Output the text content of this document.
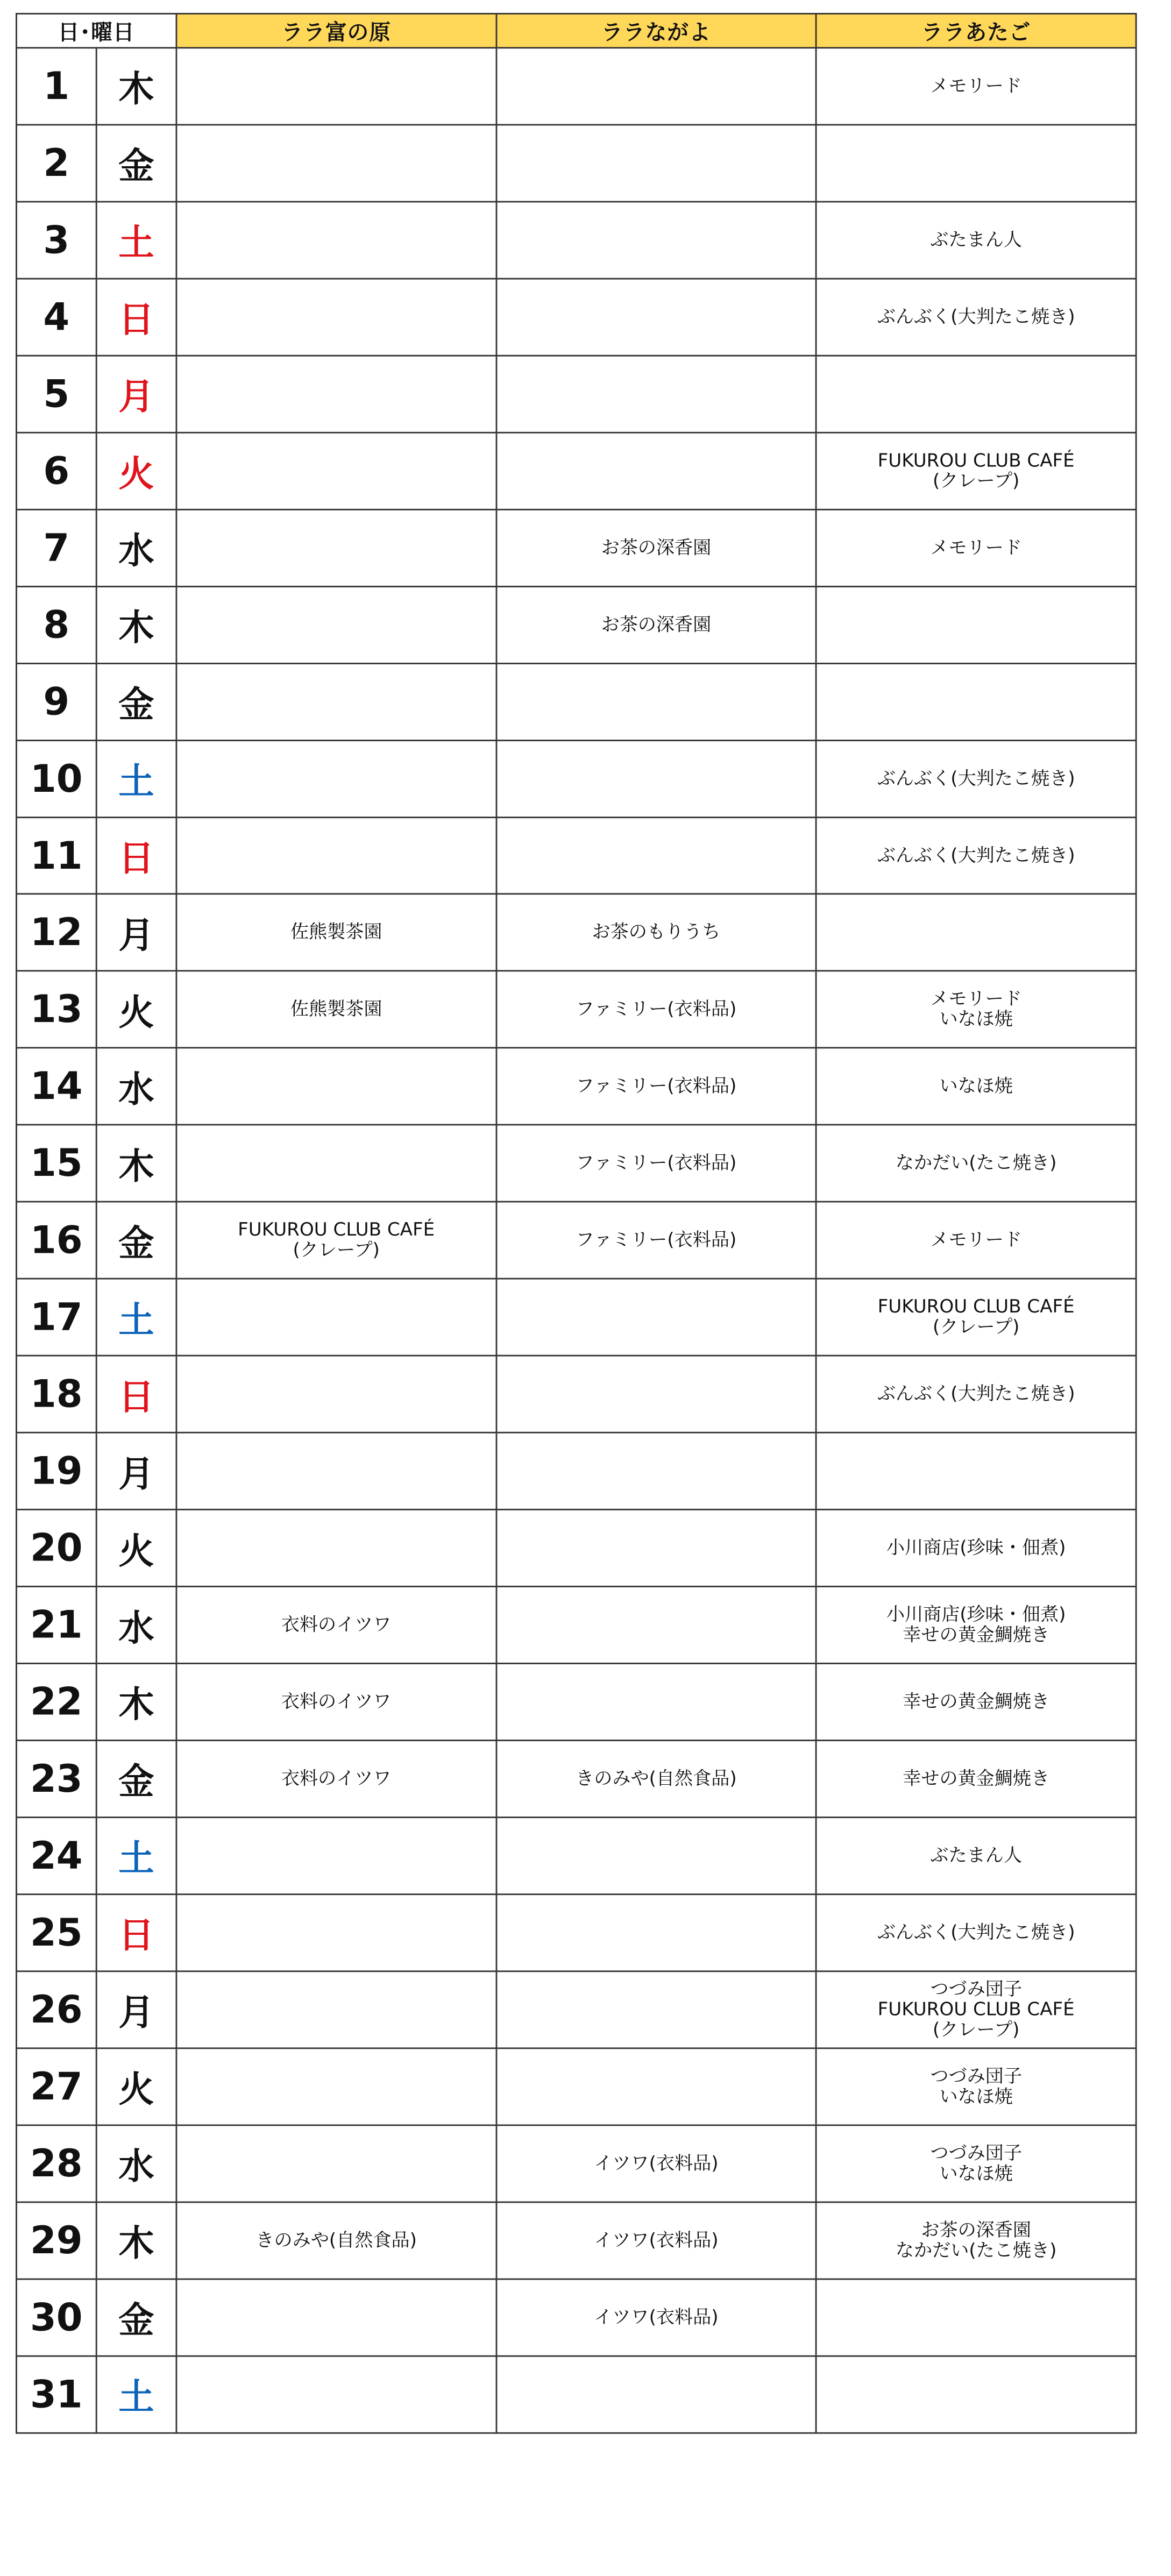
日･曜日		ララ富の原	ララながよ	ララあたご
1	木			メモリード
2	金			
3	土			ぶたまん人
4	日			ぶんぶく(大判たこ焼き)
5	月			
6	火			FUKUROU CLUB CAFÉ
(クレープ)
7	水		お茶の深香園	メモリード
8	木		お茶の深香園	
9	金			
10	土			ぶんぶく(大判たこ焼き)
11	日			ぶんぶく(大判たこ焼き)
12	月	佐熊製茶園	お茶のもりうち	
13	火	佐熊製茶園	ファミリー(衣料品)	メモリード
いなほ焼
14	水		ファミリー(衣料品)	いなほ焼
15	木		ファミリー(衣料品)	なかだい(たこ焼き)
16	金	FUKUROU CLUB CAFÉ
(クレープ)	ファミリー(衣料品)	メモリード
17	土			FUKUROU CLUB CAFÉ
(クレープ)
18	日			ぶんぶく(大判たこ焼き)
19	月			
20	火			小川商店(珍味・佃煮)
21	水	衣料のイツワ		小川商店(珍味・佃煮)
幸せの黄金鯛焼き
22	木	衣料のイツワ		幸せの黄金鯛焼き
23	金	衣料のイツワ	きのみや(自然食品)	幸せの黄金鯛焼き
24	土			ぶたまん人
25	日			ぶんぶく(大判たこ焼き)
26	月			つづみ団子
FUKUROU CLUB CAFÉ
(クレープ)
27	火			つづみ団子
いなほ焼
28	水		イツワ(衣料品)	つづみ団子
いなほ焼
29	木	きのみや(自然食品)	イツワ(衣料品)	お茶の深香園
なかだい(たこ焼き)
30	金		イツワ(衣料品)	
31	土			
